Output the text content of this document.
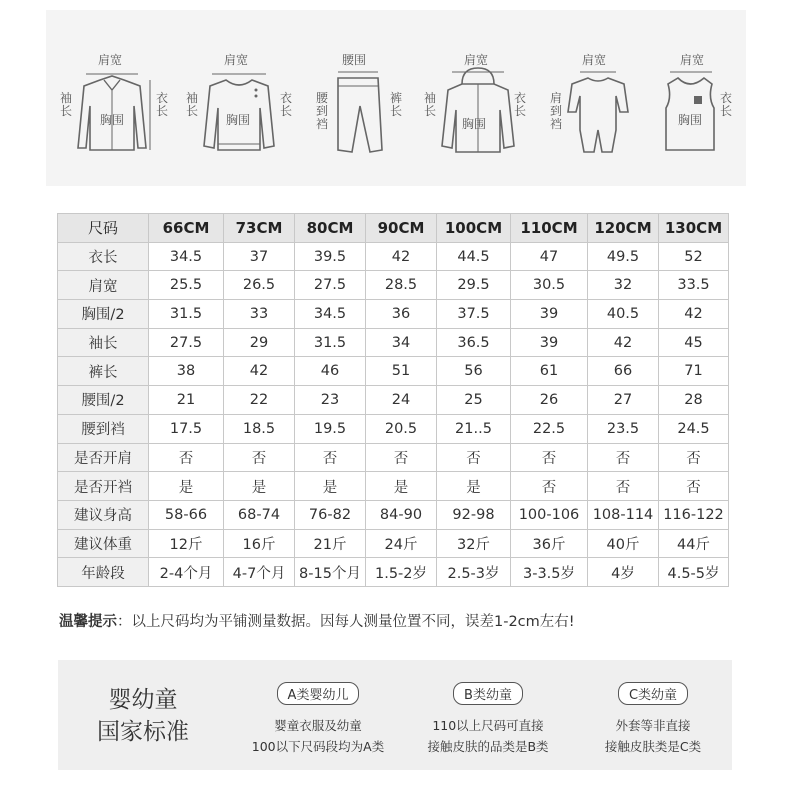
肩宽
袖长
衣长
胸围
肩宽
袖长
衣长
胸围
腰围
腰到裆
裤长
肩宽
袖长
衣长
胸围
肩宽
肩到裆
肩宽
衣长
胸围
尺码	66CM	73CM	80CM	90CM	100CM	110CM	120CM	130CM
衣长	34.5	37	39.5	42	44.5	47	49.5	52
肩宽	25.5	26.5	27.5	28.5	29.5	30.5	32	33.5
胸围/2	31.5	33	34.5	36	37.5	39	40.5	42
袖长	27.5	29	31.5	34	36.5	39	42	45
裤长	38	42	46	51	56	61	66	71
腰围/2	21	22	23	24	25	26	27	28
腰到裆	17.5	18.5	19.5	20.5	21..5	22.5	23.5	24.5
是否开肩	否	否	否	否	否	否	否	否
是否开裆	是	是	是	是	是	否	否	否
建议身高	58-66	68-74	76-82	84-90	92-98	100-106	108-114	116-122
建议体重	12斤	16斤	21斤	24斤	32斤	36斤	40斤	44斤
年龄段	2-4个月	4-7个月	8-15个月	1.5-2岁	2.5-3岁	3-3.5岁	4岁	4.5-5岁
温馨提示：以上尺码均为平铺测量数据。因每人测量位置不同，误差1-2cm左右!
婴幼童
国家标准
A类婴幼儿
婴童衣服及幼童
100以下尺码段均为A类
B类幼童
110以上尺码可直接
接触皮肤的品类是B类
C类幼童
外套等非直接
接触皮肤类是C类
